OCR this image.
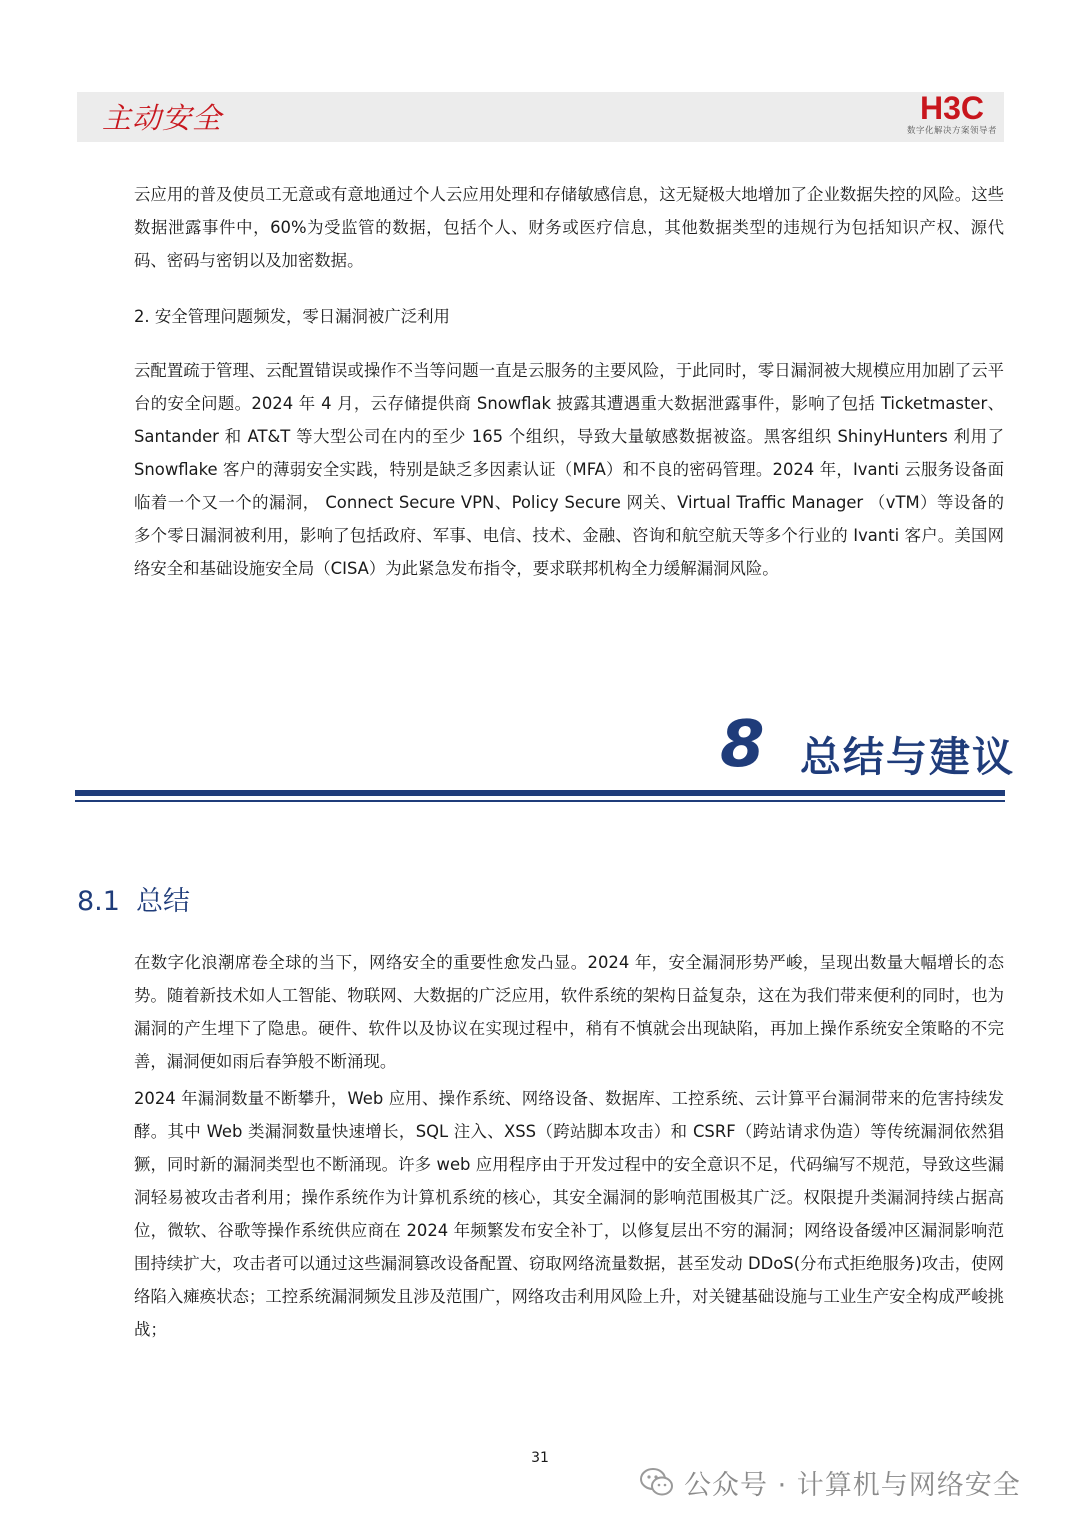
主动安全	H3C
数字化解决方案领导者

云应用的普及使员工无意或有意地通过个人云应用处理和存储敏感信息，这无疑极大地增加了企业数据失控的风险。这些数据泄露事件中，60%为受监管的数据，包括个人、财务或医疗信息，其他数据类型的违规行为包括知识产权、源代码、密码与密钥以及加密数据。

2. 安全管理问题频发，零日漏洞被广泛利用

云配置疏于管理、云配置错误或操作不当等问题一直是云服务的主要风险，于此同时，零日漏洞被大规模应用加剧了云平台的安全问题。2024 年 4 月，云存储提供商 Snowflak 披露其遭遇重大数据泄露事件，影响了包括 Ticketmaster、Santander 和 AT&T 等大型公司在内的至少 165 个组织，导致大量敏感数据被盗。黑客组织 ShinyHunters 利用了 Snowflake 客户的薄弱安全实践，特别是缺乏多因素认证（MFA）和不良的密码管理。2024 年，Ivanti 云服务设备面临着一个又一个的漏洞， Connect Secure VPN、Policy Secure 网关、Virtual Traffic Manager （vTM）等设备的多个零日漏洞被利用，影响了包括政府、军事、电信、技术、金融、咨询和航空航天等多个行业的 Ivanti 客户。美国网络安全和基础设施安全局（CISA）为此紧急发布指令，要求联邦机构全力缓解漏洞风险。

8 总结与建议
8.1 总结

在数字化浪潮席卷全球的当下，网络安全的重要性愈发凸显。2024 年，安全漏洞形势严峻，呈现出数量大幅增长的态势。随着新技术如人工智能、物联网、大数据的广泛应用，软件系统的架构日益复杂，这在为我们带来便利的同时，也为漏洞的产生埋下了隐患。硬件、软件以及协议在实现过程中，稍有不慎就会出现缺陷，再加上操作系统安全策略的不完善，漏洞便如雨后春笋般不断涌现。

2024 年漏洞数量不断攀升，Web 应用、操作系统、网络设备、数据库、工控系统、云计算平台漏洞带来的危害持续发酵。其中 Web 类漏洞数量快速增长，SQL 注入、XSS（跨站脚本攻击）和 CSRF（跨站请求伪造）等传统漏洞依然猖獗，同时新的漏洞类型也不断涌现。许多 web 应用程序由于开发过程中的安全意识不足，代码编写不规范，导致这些漏洞轻易被攻击者利用；操作系统作为计算机系统的核心，其安全漏洞的影响范围极其广泛。权限提升类漏洞持续占据高位，微软、谷歌等操作系统供应商在 2024 年频繁发布安全补丁，以修复层出不穷的漏洞；网络设备缓冲区漏洞影响范围持续扩大，攻击者可以通过这些漏洞篡改设备配置、窃取网络流量数据，甚至发动 DDoS(分布式拒绝服务)攻击，使网络陷入瘫痪状态；工控系统漏洞频发且涉及范围广，网络攻击利用风险上升，对关键基础设施与工业生产安全构成严峻挑战；

31
公众号 · 计算机与网络安全
